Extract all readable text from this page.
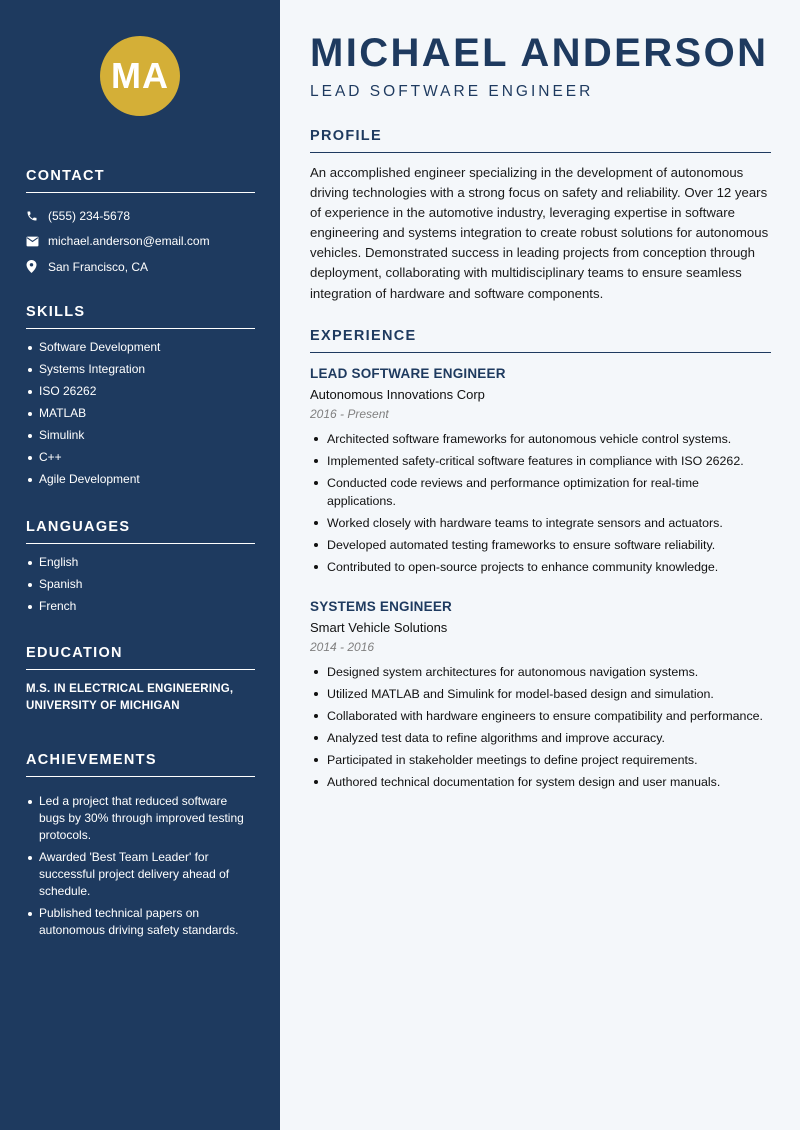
MA
CONTACT
(555) 234-5678
michael.anderson@email.com
San Francisco, CA
SKILLS
Software Development
Systems Integration
ISO 26262
MATLAB
Simulink
C++
Agile Development
LANGUAGES
English
Spanish
French
EDUCATION
M.S. IN ELECTRICAL ENGINEERING, UNIVERSITY OF MICHIGAN
ACHIEVEMENTS
Led a project that reduced software bugs by 30% through improved testing protocols.
Awarded 'Best Team Leader' for successful project delivery ahead of schedule.
Published technical papers on autonomous driving safety standards.
MICHAEL ANDERSON
LEAD SOFTWARE ENGINEER
PROFILE
An accomplished engineer specializing in the development of autonomous driving technologies with a strong focus on safety and reliability. Over 12 years of experience in the automotive industry, leveraging expertise in software engineering and systems integration to create robust solutions for autonomous vehicles. Demonstrated success in leading projects from conception through deployment, collaborating with multidisciplinary teams to ensure seamless integration of hardware and software components.
EXPERIENCE
LEAD SOFTWARE ENGINEER
Autonomous Innovations Corp
2016 - Present
Architected software frameworks for autonomous vehicle control systems.
Implemented safety-critical software features in compliance with ISO 26262.
Conducted code reviews and performance optimization for real-time applications.
Worked closely with hardware teams to integrate sensors and actuators.
Developed automated testing frameworks to ensure software reliability.
Contributed to open-source projects to enhance community knowledge.
SYSTEMS ENGINEER
Smart Vehicle Solutions
2014 - 2016
Designed system architectures for autonomous navigation systems.
Utilized MATLAB and Simulink for model-based design and simulation.
Collaborated with hardware engineers to ensure compatibility and performance.
Analyzed test data to refine algorithms and improve accuracy.
Participated in stakeholder meetings to define project requirements.
Authored technical documentation for system design and user manuals.
